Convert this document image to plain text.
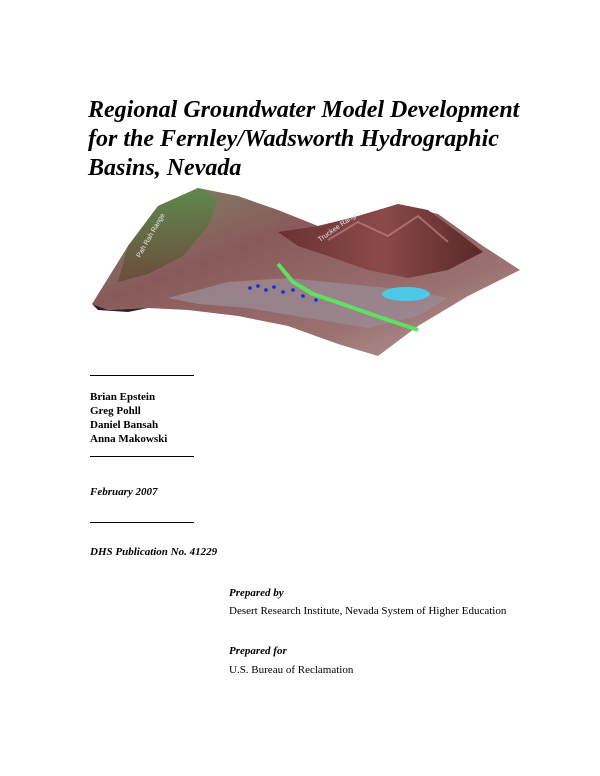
Regional Groundwater Model Development
for the Fernley/Wadsworth Hydrographic
Basins, Nevada
Pah Rah Range	Truckee Range
Brian Epstein
Greg Pohll
Daniel Bansah
Anna Makowski
February 2007
DHS Publication No. 41229
Prepared by
Desert Research Institute, Nevada System of Higher Education
Prepared for
U.S. Bureau of Reclamation
